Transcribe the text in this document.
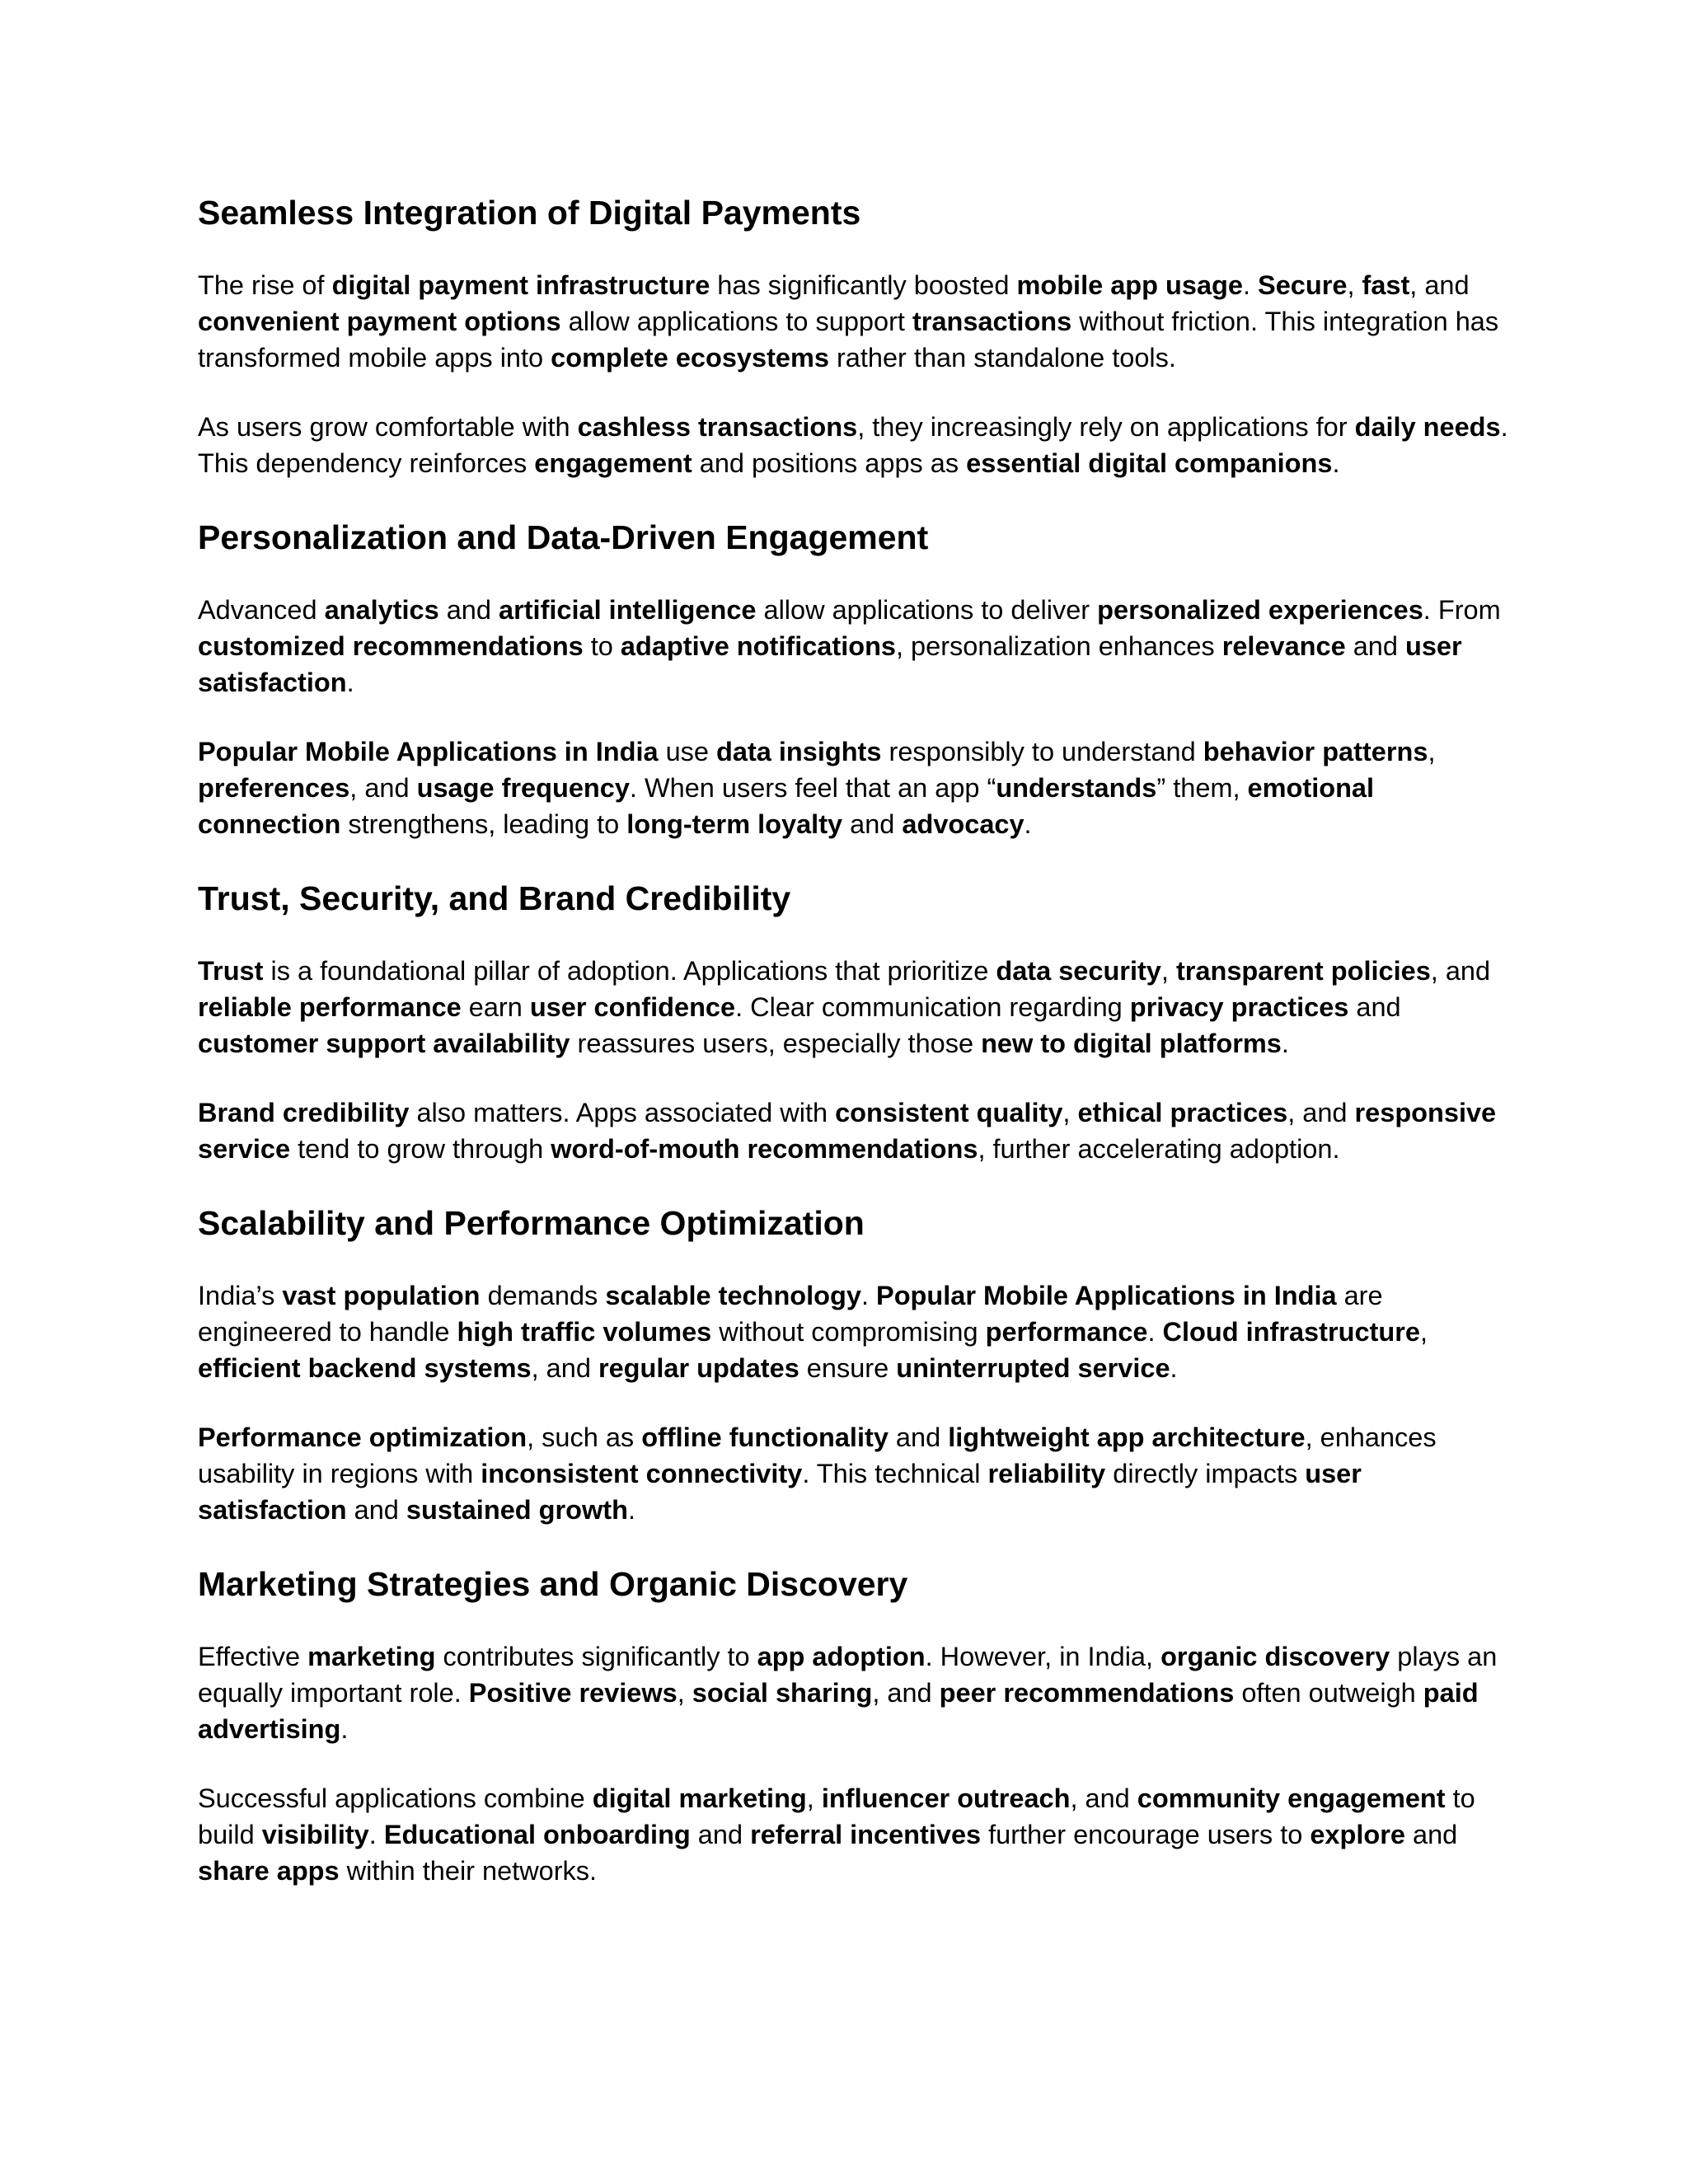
Seamless Integration of Digital Payments

The rise of digital payment infrastructure has significantly boosted mobile app usage. Secure, fast, and convenient payment options allow applications to support transactions without friction. This integration has transformed mobile apps into complete ecosystems rather than standalone tools.

As users grow comfortable with cashless transactions, they increasingly rely on applications for daily needs. This dependency reinforces engagement and positions apps as essential digital companions.

Personalization and Data-Driven Engagement

Advanced analytics and artificial intelligence allow applications to deliver personalized experiences. From customized recommendations to adaptive notifications, personalization enhances relevance and user satisfaction.

Popular Mobile Applications in India use data insights responsibly to understand behavior patterns, preferences, and usage frequency. When users feel that an app “understands” them, emotional connection strengthens, leading to long-term loyalty and advocacy.

Trust, Security, and Brand Credibility

Trust is a foundational pillar of adoption. Applications that prioritize data security, transparent policies, and reliable performance earn user confidence. Clear communication regarding privacy practices and customer support availability reassures users, especially those new to digital platforms.

Brand credibility also matters. Apps associated with consistent quality, ethical practices, and responsive service tend to grow through word-of-mouth recommendations, further accelerating adoption.

Scalability and Performance Optimization

India’s vast population demands scalable technology. Popular Mobile Applications in India are engineered to handle high traffic volumes without compromising performance. Cloud infrastructure, efficient backend systems, and regular updates ensure uninterrupted service.

Performance optimization, such as offline functionality and lightweight app architecture, enhances usability in regions with inconsistent connectivity. This technical reliability directly impacts user satisfaction and sustained growth.

Marketing Strategies and Organic Discovery

Effective marketing contributes significantly to app adoption. However, in India, organic discovery plays an equally important role. Positive reviews, social sharing, and peer recommendations often outweigh paid advertising.

Successful applications combine digital marketing, influencer outreach, and community engagement to build visibility. Educational onboarding and referral incentives further encourage users to explore and share apps within their networks.
